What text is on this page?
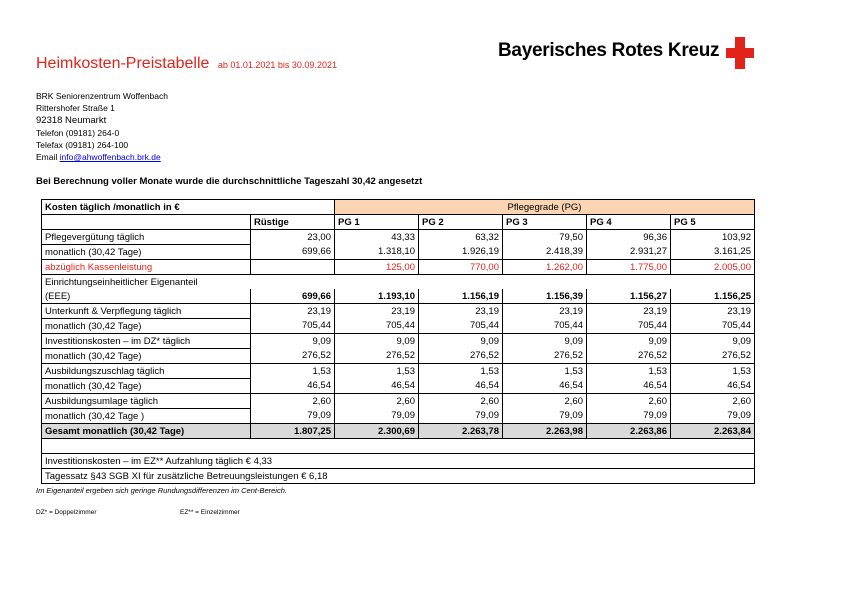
Heimkosten-Preistabelle ab 01.01.2021 bis 30.09.2021
Bayerisches Rotes Kreuz
BRK Seniorenzentrum Woffenbach
Rittershofer Straße 1
92318 Neumarkt
Telefon (09181) 264-0
Telefax (09181) 264-100
Email info@ahwoffenbach.brk.de
Bei Berechnung voller Monate wurde die durchschnittliche Tageszahl 30,42 angesetzt
Kosten täglich /monatlich in €		Pflegegrade (PG)				
	Rüstige	PG 1	PG 2	PG 3	PG 4	PG 5
Pflegevergütung täglich	23,00	43,33	63,32	79,50	96,36	103,92
monatlich (30,42 Tage)	699,66	1.318,10	1.926,19	2.418,39	2.931,27	3.161,25
abzüglich Kassenleistung		125,00	770,00	1.262,00	1.775,00	2.005,00
Einrichtungseinheitlicher Eigenanteil						
(EEE)	699,66	1.193,10	1.156,19	1.156,39	1.156,27	1.156,25
Unterkunft & Verpflegung täglich	23,19	23,19	23,19	23,19	23,19	23,19
monatlich (30,42 Tage)	705,44	705,44	705,44	705,44	705,44	705,44
Investitionskosten – im DZ* täglich	9,09	9,09	9,09	9,09	9,09	9,09
monatlich (30,42 Tage)	276,52	276,52	276,52	276,52	276,52	276,52
Ausbildungszuschlag täglich	1,53	1,53	1,53	1,53	1,53	1,53
monatlich (30,42 Tage)	46,54	46,54	46,54	46,54	46,54	46,54
Ausbildungsumlage täglich	2,60	2,60	2,60	2,60	2,60	2,60
monatlich (30,42 Tage )	79,09	79,09	79,09	79,09	79,09	79,09
Gesamt monatlich (30,42 Tage)	1.807,25	2.300,69	2.263,78	2.263,98	2.263,86	2.263,84

Investitionskosten – im EZ** Aufzahlung täglich € 4,33						
Tagessatz §43 SGB XI für zusätzliche Betreuungsleistungen € 6,18						
Im Eigenanteil ergeben sich geringe Rundungsdifferenzen im Cent-Bereich.
DZ* = Doppelzimmer	EZ** = Einzelzimmer
